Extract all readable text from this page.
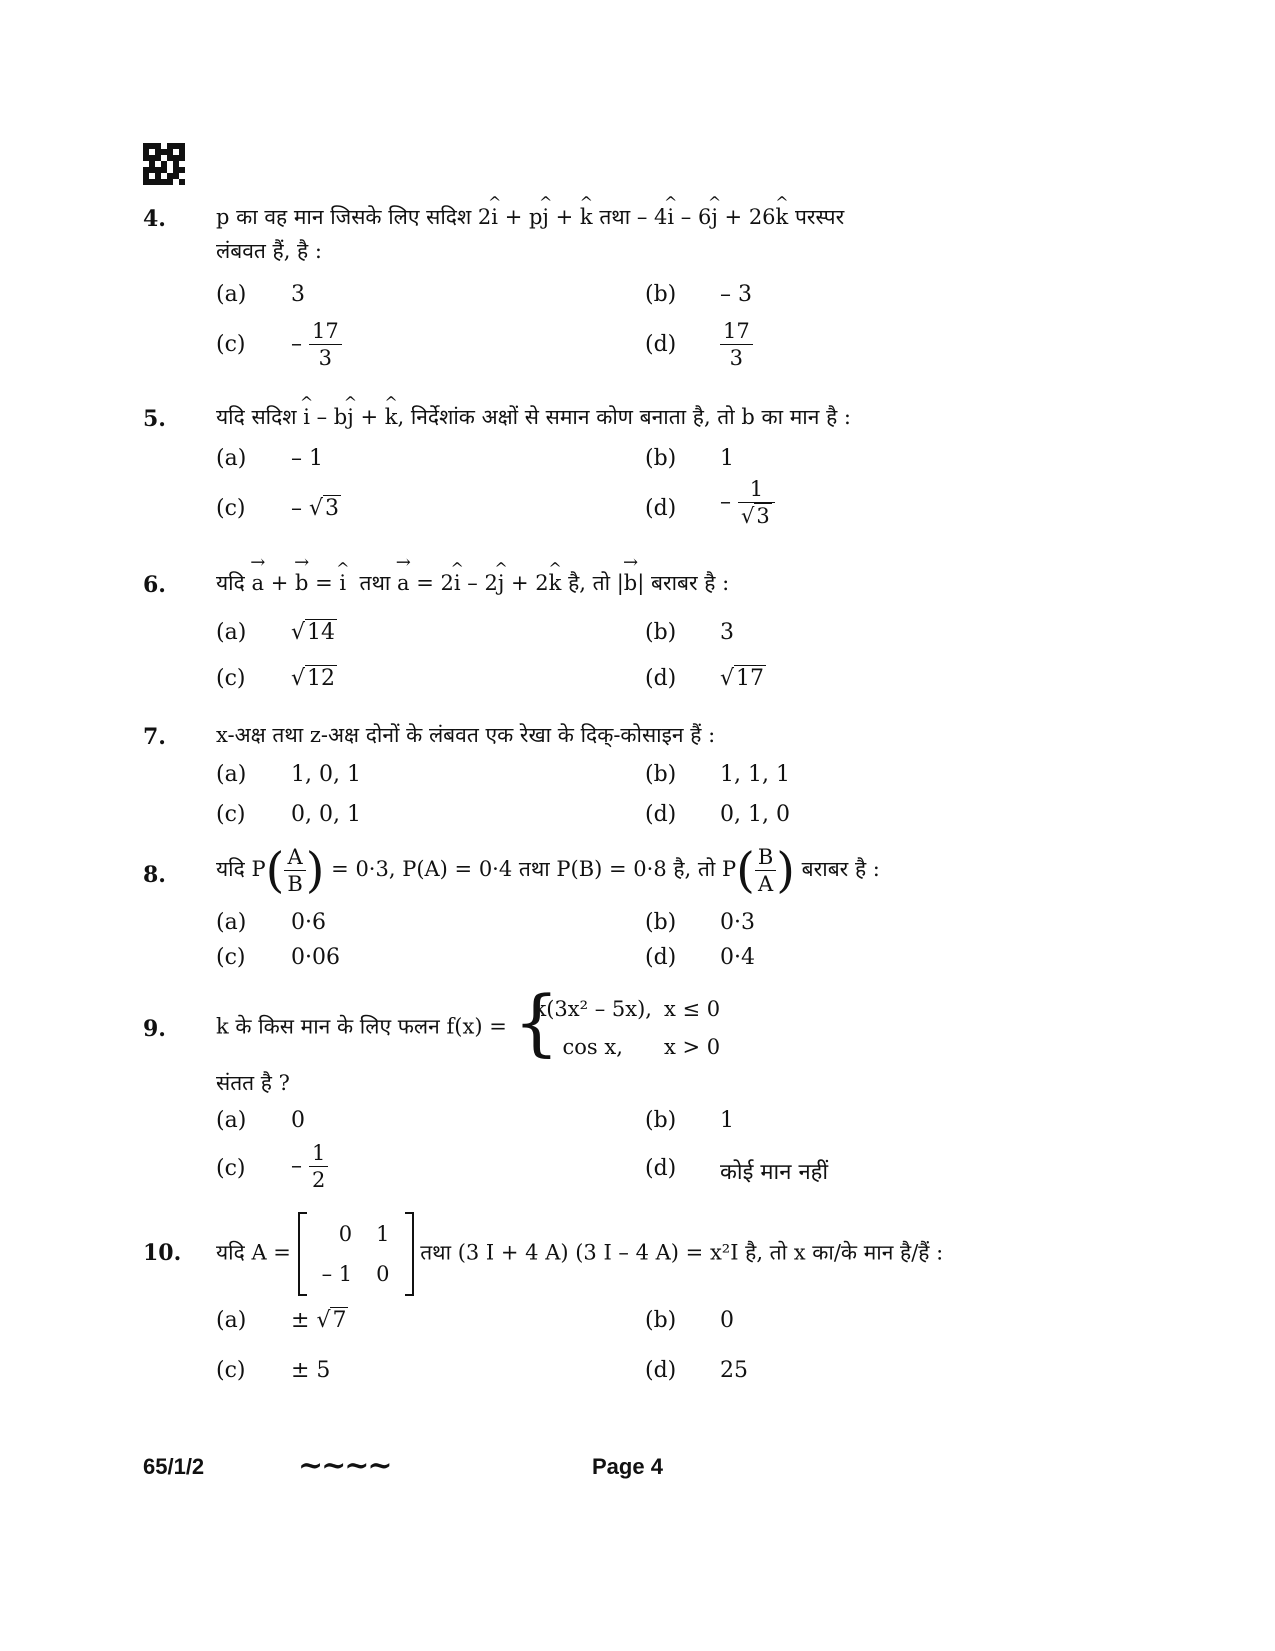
4. p का वह मान जिसके लिए सदिश 2^ i + p^ j + ^ k तथा – 4^ i – 6^ j + 26^ k परस्पर
लंबवत हैं, है :
(a) 3	(b) – 3
$(c) - \frac{17}{3}$	$(d) \frac{17}{3}$
5. यदि सदिश ^ i – b^ j + ^ k, निर्देशांक अक्षों से समान कोण बनाता है, तो b का मान है :
(a) – 1	(b) 1
(c) – √3	$(d) - \frac{1}{√3}$
6. यदि → a + → b = ^ i तथा → a = 2^ i – 2^ j + 2^ k है, तो |→ b| बराबर है :
(a) √14	(b) 3
(c) √12	(d) √17
7. x-अक्ष तथा z-अक्ष दोनों के लंबवत एक रेखा के दिक्-कोसाइन हैं :
(a) 1, 0, 1	(b) 1, 1, 1
(c) 0, 0, 1	(d) 0, 1, 0
8. यदि $P( \frac{A}{B}$ ) = 0·3, P(A) = 0·4 तथा P(B) = 0·8 है, तो $P( \frac{B}{A}$ ) बराबर है :
(a) 0·6	(b) 0·3
(c) 0·06	(d) 0·4
9. k के किस मान के लिए फलन f(x) = {
k(3x² – 5x),	x ≤ 0
cos x,	x > 0
संतत है ?
(a) 0	(b) 1
$(c) - \frac{1}{2}$	(d) कोई मान नहीं
10. यदि A =
0	1
– 1	0
तथा (3 I + 4 A) (3 I – 4 A) = x²I है, तो x का/के मान है/हैं :
(a) ± √7	(b) 0
(c) ± 5	(d) 25
65/1/2	~~~~	Page 4
